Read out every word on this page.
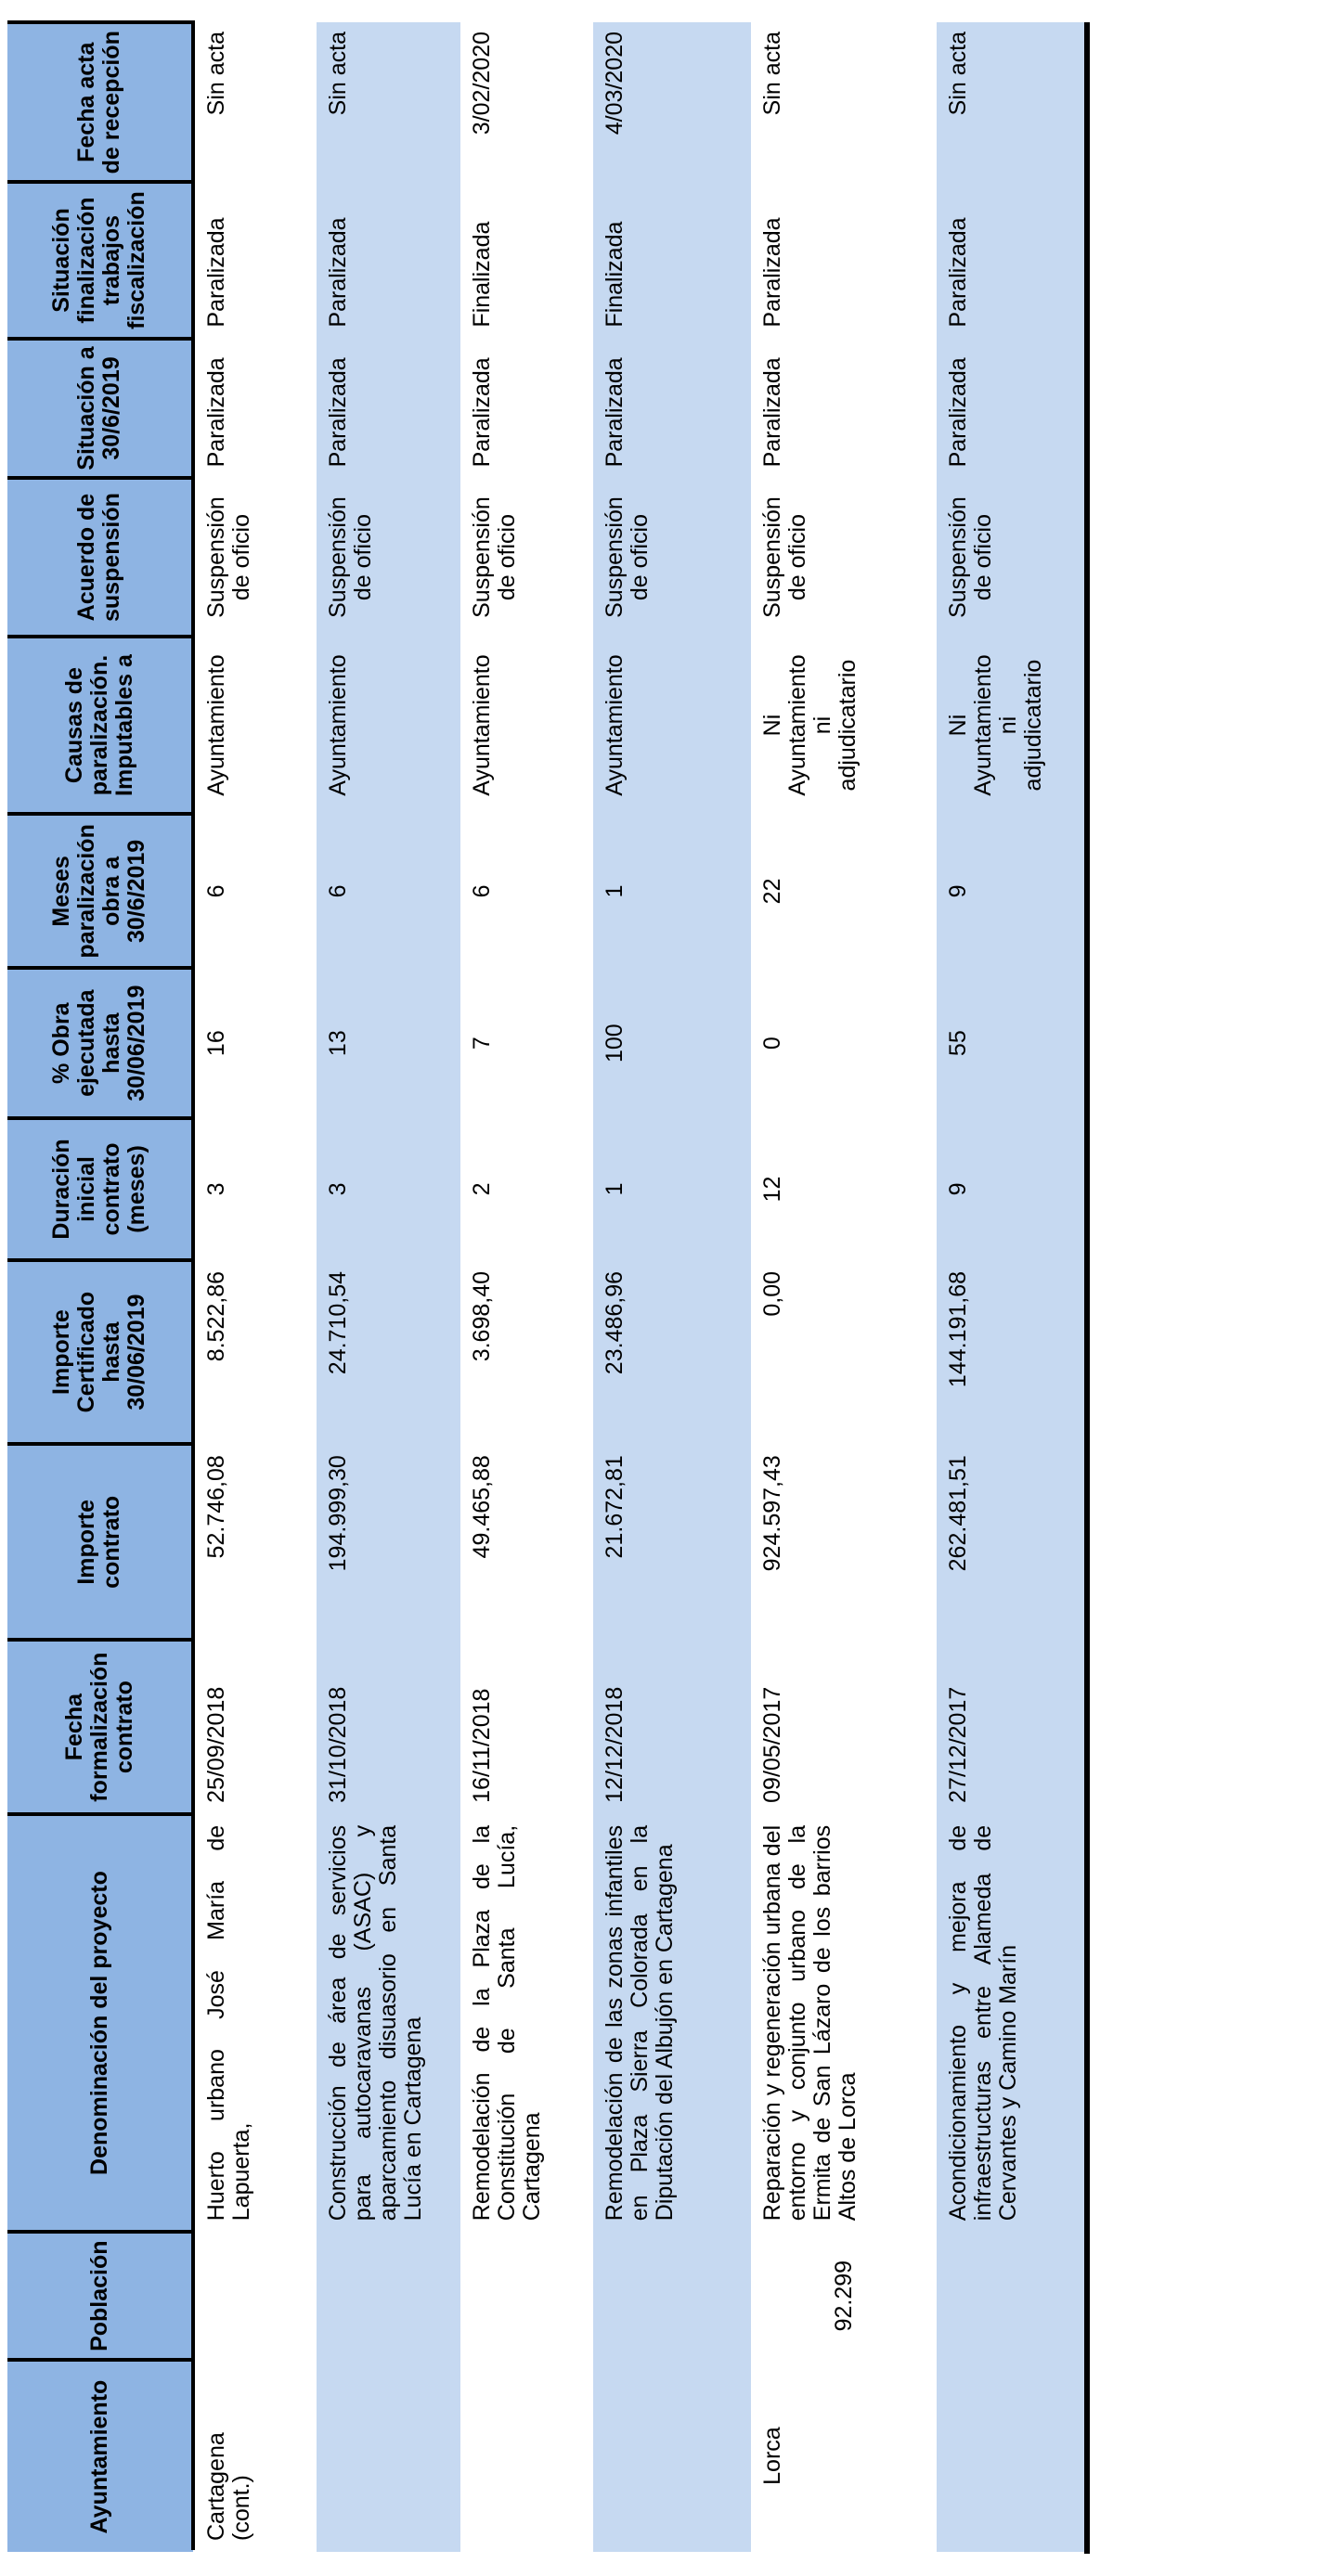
Ayuntamiento	Población	Denominación del proyecto	Fecha formalización contrato	Importe contrato	Importe Certificado hasta 30/06/2019	Duración inicial contrato (meses)	% Obra ejecutada hasta 30/06/2019	Meses paralización obra a 30/6/2019	Causas de paralización. Imputables a	Acuerdo de suspensión	Situación a 30/6/2019	Situación finalización trabajos fiscalización	Fecha acta de recepción
Cartagena (cont.)		Huerto urbano José María de Lapuerta,	25/09/2018	52.746,08	8.522,86	3	16	6	Ayuntamiento	Suspensión de oficio	Paralizada	Paralizada	Sin acta
		Construcción de área de servicios para autocaravanas (ASAC) y aparcamiento disuasorio en Santa Lucía en Cartagena	31/10/2018	194.999,30	24.710,54	3	13	6	Ayuntamiento	Suspensión de oficio	Paralizada	Paralizada	Sin acta
		Remodelación de la Plaza de la Constitución de Santa Lucía, Cartagena	16/11/2018	49.465,88	3.698,40	2	7	6	Ayuntamiento	Suspensión de oficio	Paralizada	Finalizada	3/02/2020
		Remodelación de las zonas infantiles en Plaza Sierra Colorada en la Diputación del Albujón en Cartagena	12/12/2018	21.672,81	23.486,96	1	100	1	Ayuntamiento	Suspensión de oficio	Paralizada	Finalizada	4/03/2020
Lorca	92.299	Reparación y regeneración urbana del entorno y conjunto urbano de la Ermita de San Lázaro de los barrios Altos de Lorca	09/05/2017	924.597,43	0,00	12	0	22	Ni Ayuntamiento ni adjudicatario	Suspensión de oficio	Paralizada	Paralizada	Sin acta
		Acondicionamiento y mejora de infraestructuras entre Alameda de Cervantes y Camino Marín	27/12/2017	262.481,51	144.191,68	9	55	9	Ni Ayuntamiento ni adjudicatario	Suspensión de oficio	Paralizada	Paralizada	Sin acta
